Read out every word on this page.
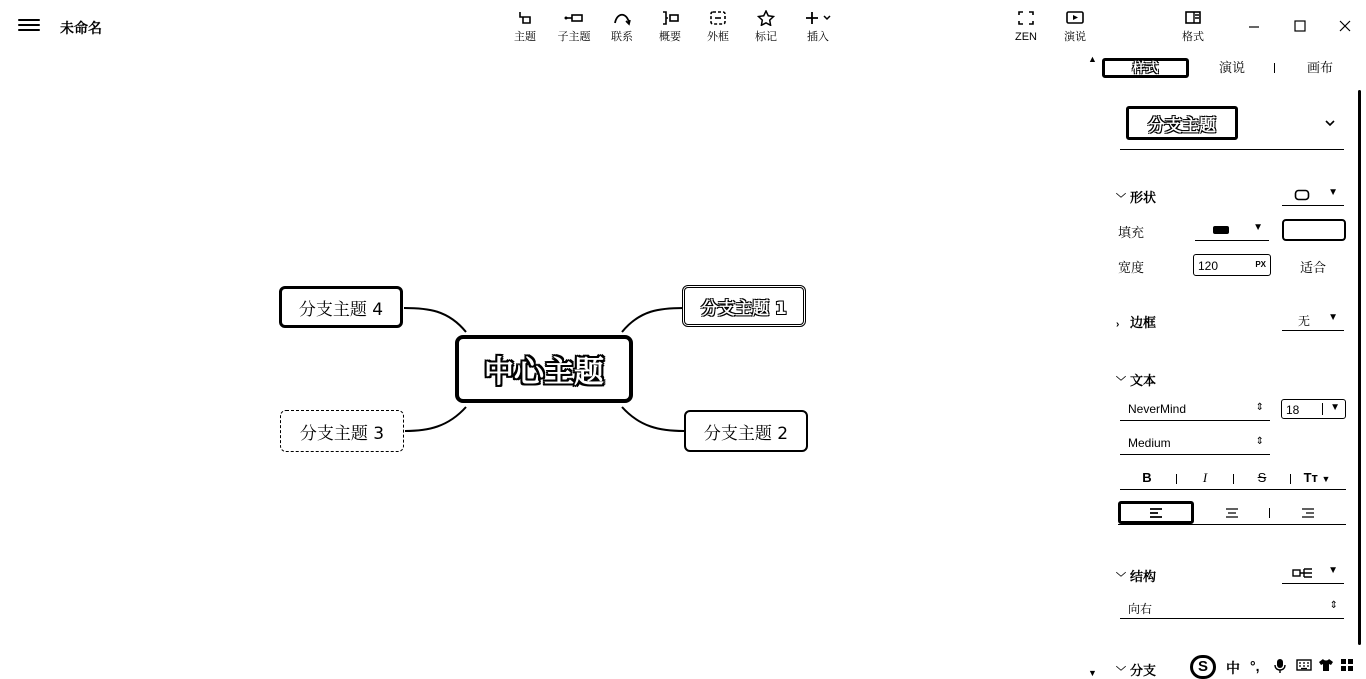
未命名
主题	子主题	联系	概要	外框	标记	插入	ZEN	演说	格式
中心主题
分支主题 1
分支主题 2
分支主题 3
分支主题 4
▲
▼
样式	演说	画布
分支主题
﹀ 形状	▼
填充	▼
宽度	120	PX	适合
› 边框	无 ▼
﹀ 文本
NeverMind	⇕ 18	▼
Medium	⇕
B	I	S	Tт ▼
﹀ 结构	▼
向右	⇕
﹀ 分支	S	中 °,
